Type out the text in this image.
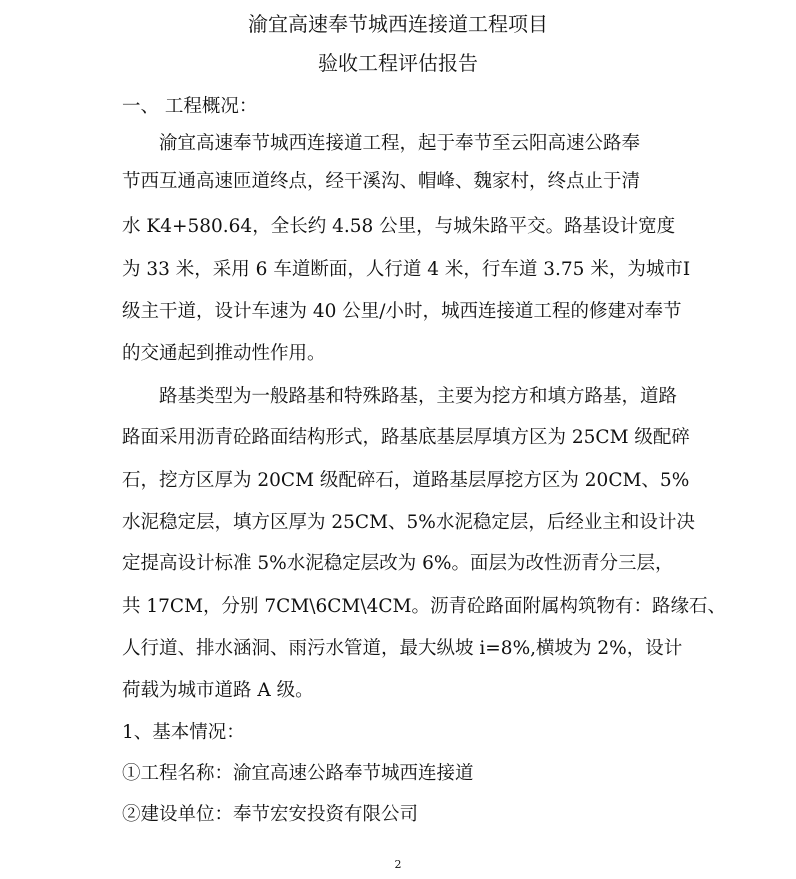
渝宜高速奉节城西连接道工程项目
验收工程评估报告
一、 工程概况：
渝宜高速奉节城西连接道工程，起于奉节至云阳高速公路奉
节西互通高速匝道终点，经干溪沟、帽峰、魏家村，终点止于清
水 K4+580.64，全长约 4.58 公里，与城朱路平交。路基设计宽度
为 33 米，采用 6 车道断面，人行道 4 米，行车道 3.75 米，为城市Ⅰ
级主干道，设计车速为 40 公里/小时，城西连接道工程的修建对奉节
的交通起到推动性作用。
路基类型为一般路基和特殊路基，主要为挖方和填方路基，道路
路面采用沥青砼路面结构形式，路基底基层厚填方区为 25CM 级配碎
石，挖方区厚为 20CM 级配碎石，道路基层厚挖方区为 20CM、5%
水泥稳定层，填方区厚为 25CM、5%水泥稳定层，后经业主和设计决
定提高设计标准 5%水泥稳定层改为 6%。面层为改性沥青分三层，
共 17CM，分别 7CM\6CM\4CM。沥青砼路面附属构筑物有：路缘石、
人行道、排水涵洞、雨污水管道，最大纵坡 i=8%,横坡为 2%，设计
荷载为城市道路 A 级。
1、基本情况：
①工程名称：渝宜高速公路奉节城西连接道
②建设单位：奉节宏安投资有限公司
2
